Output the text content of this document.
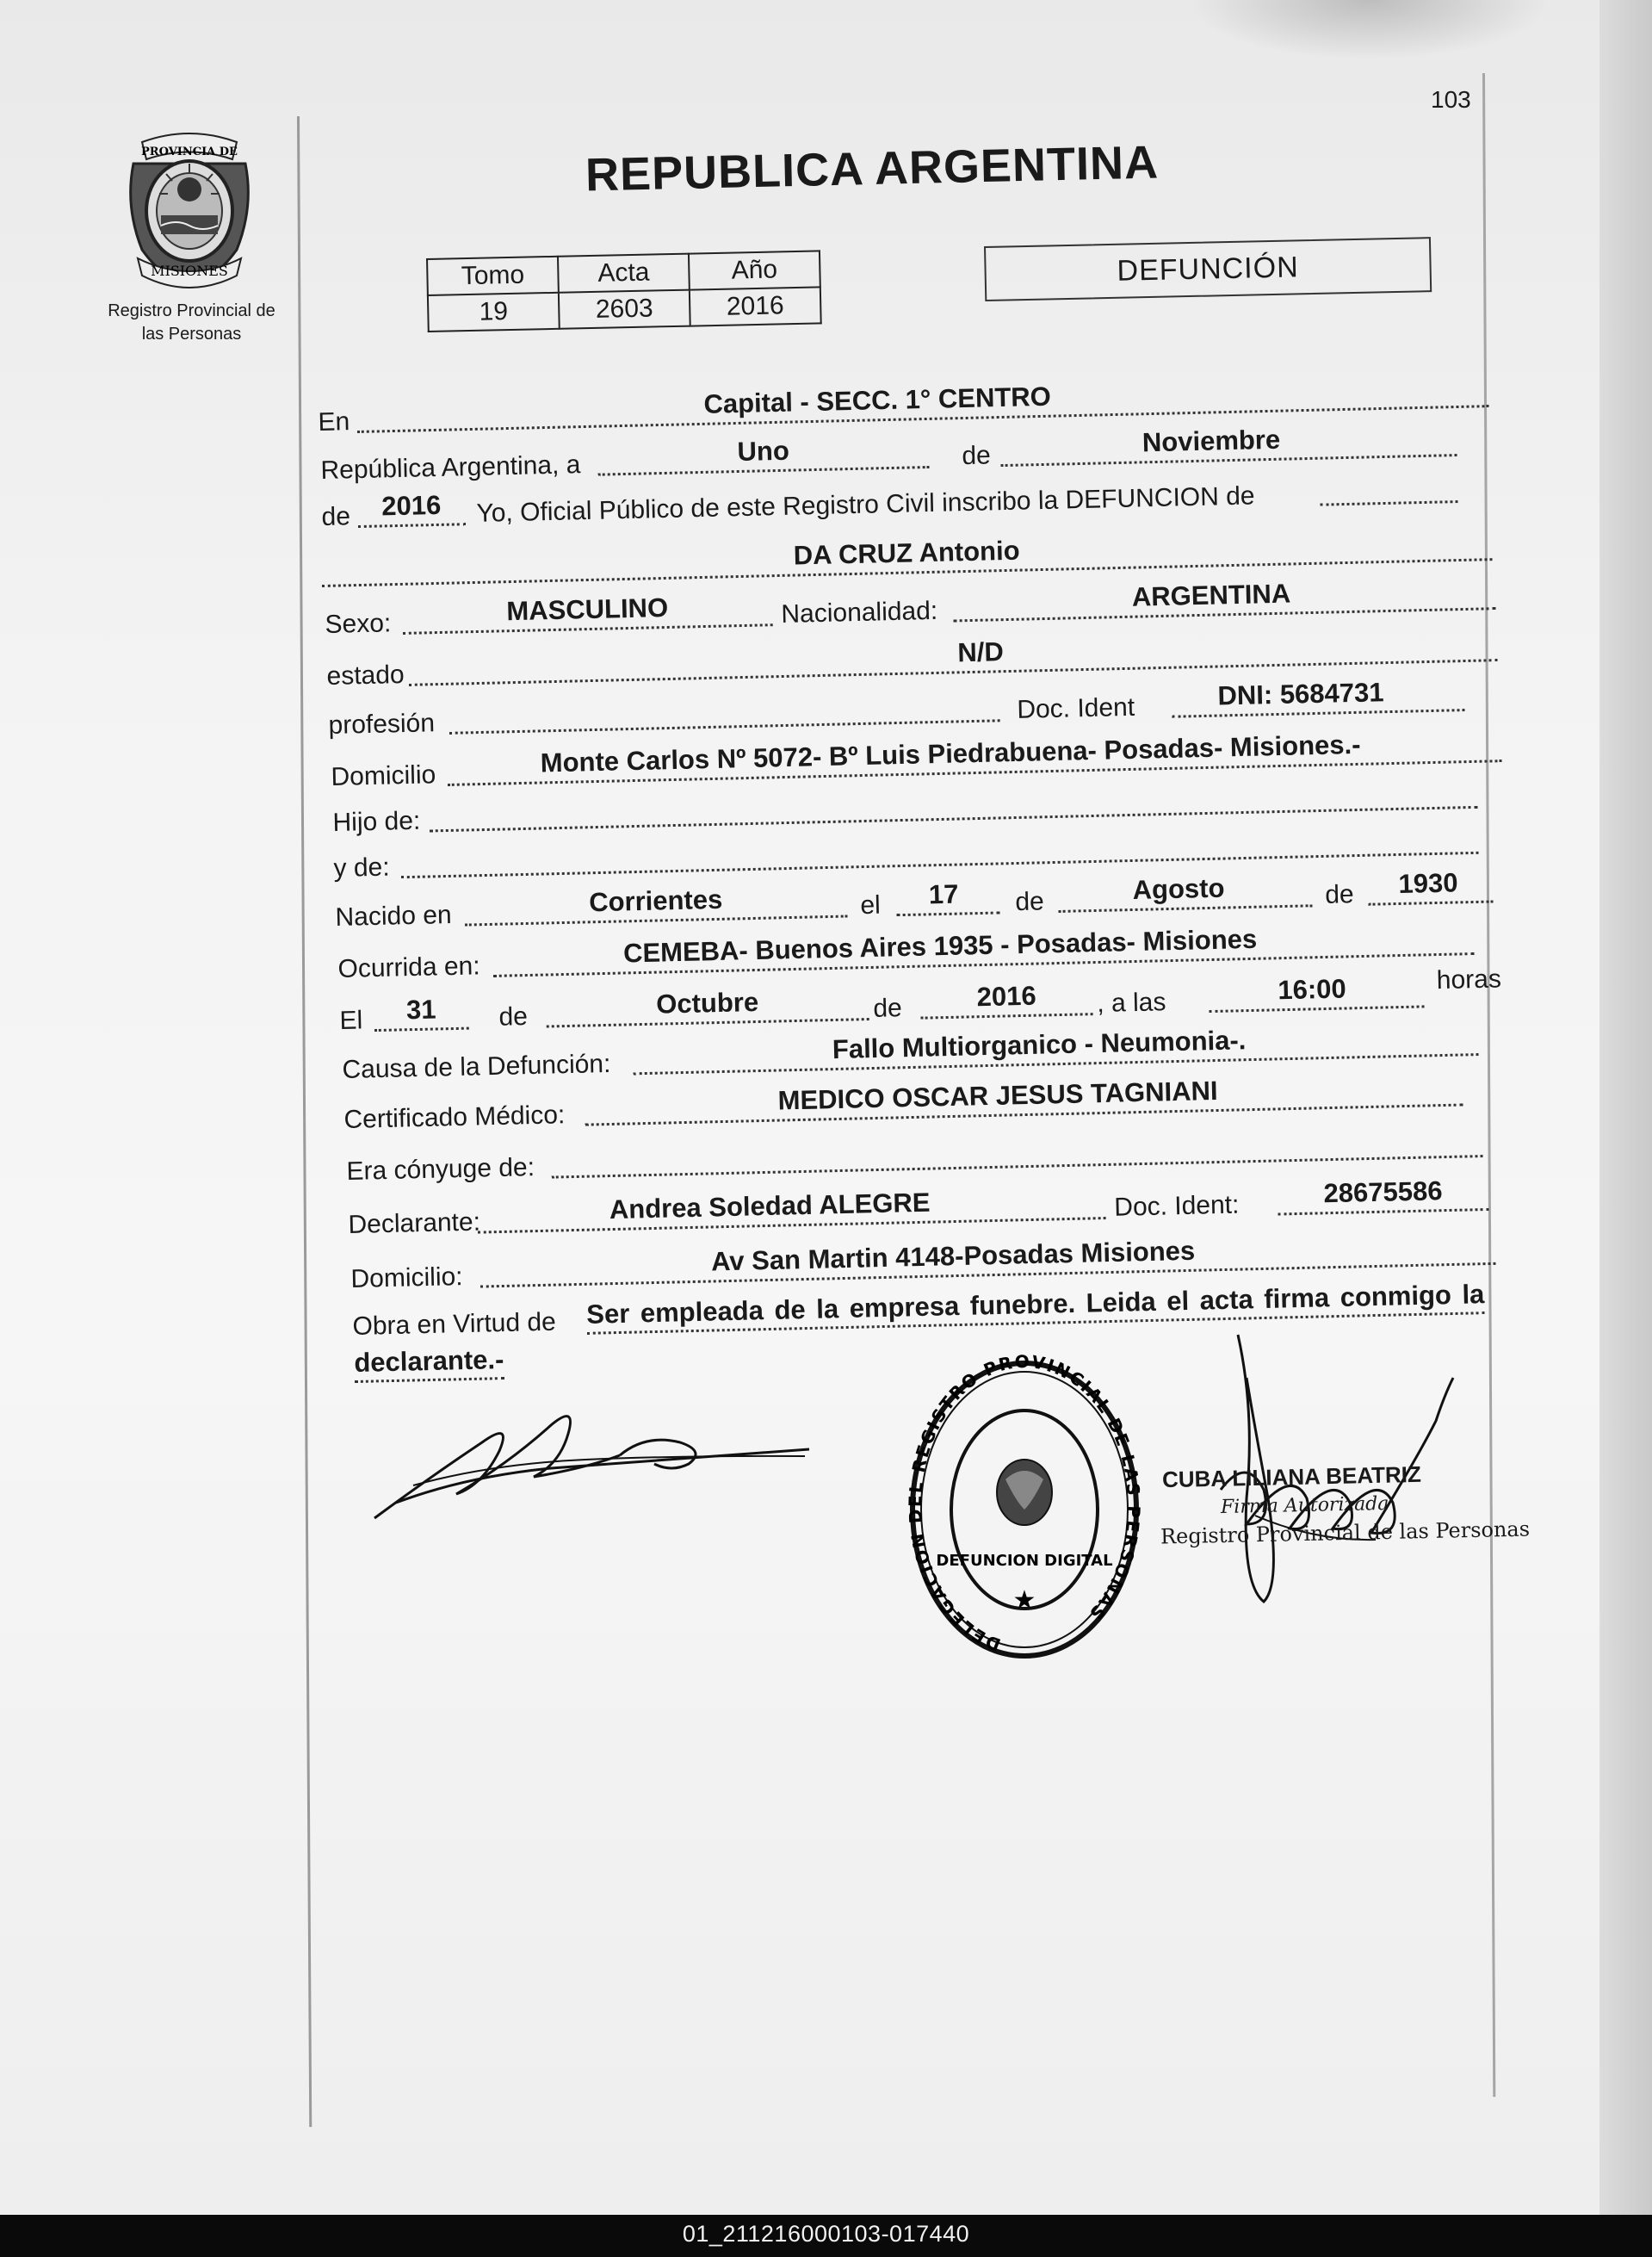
103
PROVINCIA DE
MISIONES
Registro Provincial de
las Personas
REPUBLICA ARGENTINA
Tomo	Acta	Año
19	2603	2016
DEFUNCIÓN
En
Capital - SECC. 1° CENTRO
República Argentina, a	Uno	de	Noviembre
de	2016	Yo, Oficial Público de este Registro Civil inscribo la DEFUNCION de
DA CRUZ Antonio
Sexo:	MASCULINO	Nacionalidad:
ARGENTINA
estado
N/D
profesión
Doc. Ident	DNI: 5684731
Domicilio	Monte Carlos Nº 5072- Bº Luis Piedrabuena- Posadas- Misiones.-
Hijo de:
y de:
Nacido en	Corrientes	el	17	de	Agosto	de	1930
Ocurrida en:	CEMEBA- Buenos Aires 1935 - Posadas- Misiones
El	31	de	Octubre	de	2016	, a las	16:00	horas
Causa de la Defunción:
Fallo Multiorganico - Neumonia-.
Certificado Médico:
MEDICO OSCAR JESUS TAGNIANI
Era cónyuge de:
Declarante:	Andrea Soledad ALEGRE	Doc. Ident:	28675586
Domicilio:
Av San Martin 4148-Posadas Misiones
Obra en Virtud de Ser empleada de la empresa funebre. Leida el acta firma conmigo la
declarante.-
DELEGACION DEL REGISTRO PROVINCIAL DE LAS PERSONAS
DEFUNCION DIGITAL
★
CUBA LILIANA BEATRIZ
Firma Autorizada
Registro Provincial de las Personas
01_211216000103-017440
